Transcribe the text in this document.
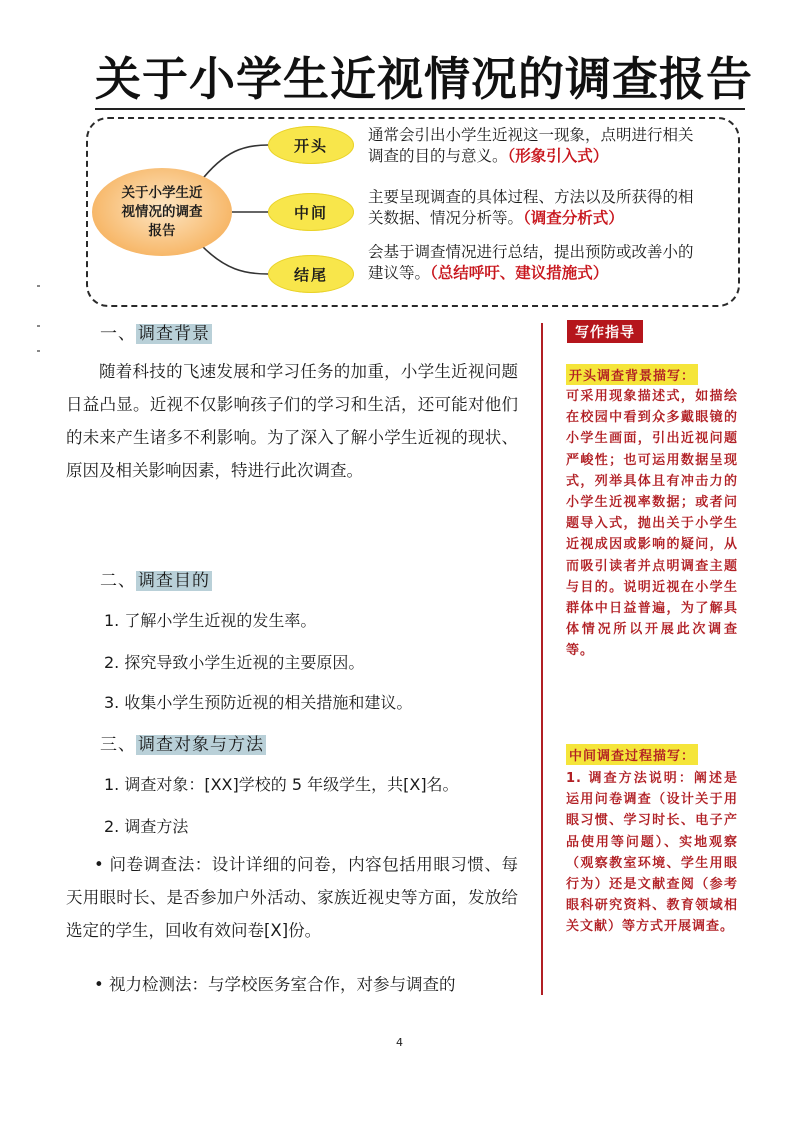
关于小学生近视情况的调查报告
关于小学生近视情况的调查报告
开头
中间
结尾
通常会引出小学生近视这一现象，点明进行相关调查的目的与意义。（形象引入式）
主要呈现调查的具体过程、方法以及所获得的相关数据、情况分析等。（调查分析式）
会基于调查情况进行总结，提出预防或改善小的建议等。（总结呼吁、建议措施式）
一、 调查背景
随着科技的飞速发展和学习任务的加重，小学生近视问题日益凸显。近视不仅影响孩子们的学习和生活，还可能对他们的未来产生诸多不利影响。为了深入了解小学生近视的现状、原因及相关影响因素，特进行此次调查。
二、 调查目的
1. 了解小学生近视的发生率。
2. 探究导致小学生近视的主要原因。
3. 收集小学生预防近视的相关措施和建议。
三、 调查对象与方法
1. 调查对象：[XX]学校的 5 年级学生，共[X]名。
2. 调查方法
• 问卷调查法：设计详细的问卷，内容包括用眼习惯、每天用眼时长、是否参加户外活动、家族近视史等方面，发放给选定的学生，回收有效问卷[X]份。
• 视力检测法：与学校医务室合作，对参与调查的
写作指导
开头调查背景描写：
可采用现象描述式，如描绘在校园中看到众多戴眼镜的小学生画面，引出近视问题严峻性；也可运用数据呈现式，列举具体且有冲击力的小学生近视率数据；或者问题导入式，抛出关于小学生近视成因或影响的疑问，从而吸引读者并点明调查主题与目的。说明近视在小学生群体中日益普遍，为了解具体情况所以开展此次调查等。
中间调查过程描写：
1. 调查方法说明：阐述是运用问卷调查（设计关于用眼习惯、学习时长、电子产品使用等问题）、实地观察（观察教室环境、学生用眼行为）还是文献查阅（参考眼科研究资料、教育领域相关文献）等方式开展调查。
4
